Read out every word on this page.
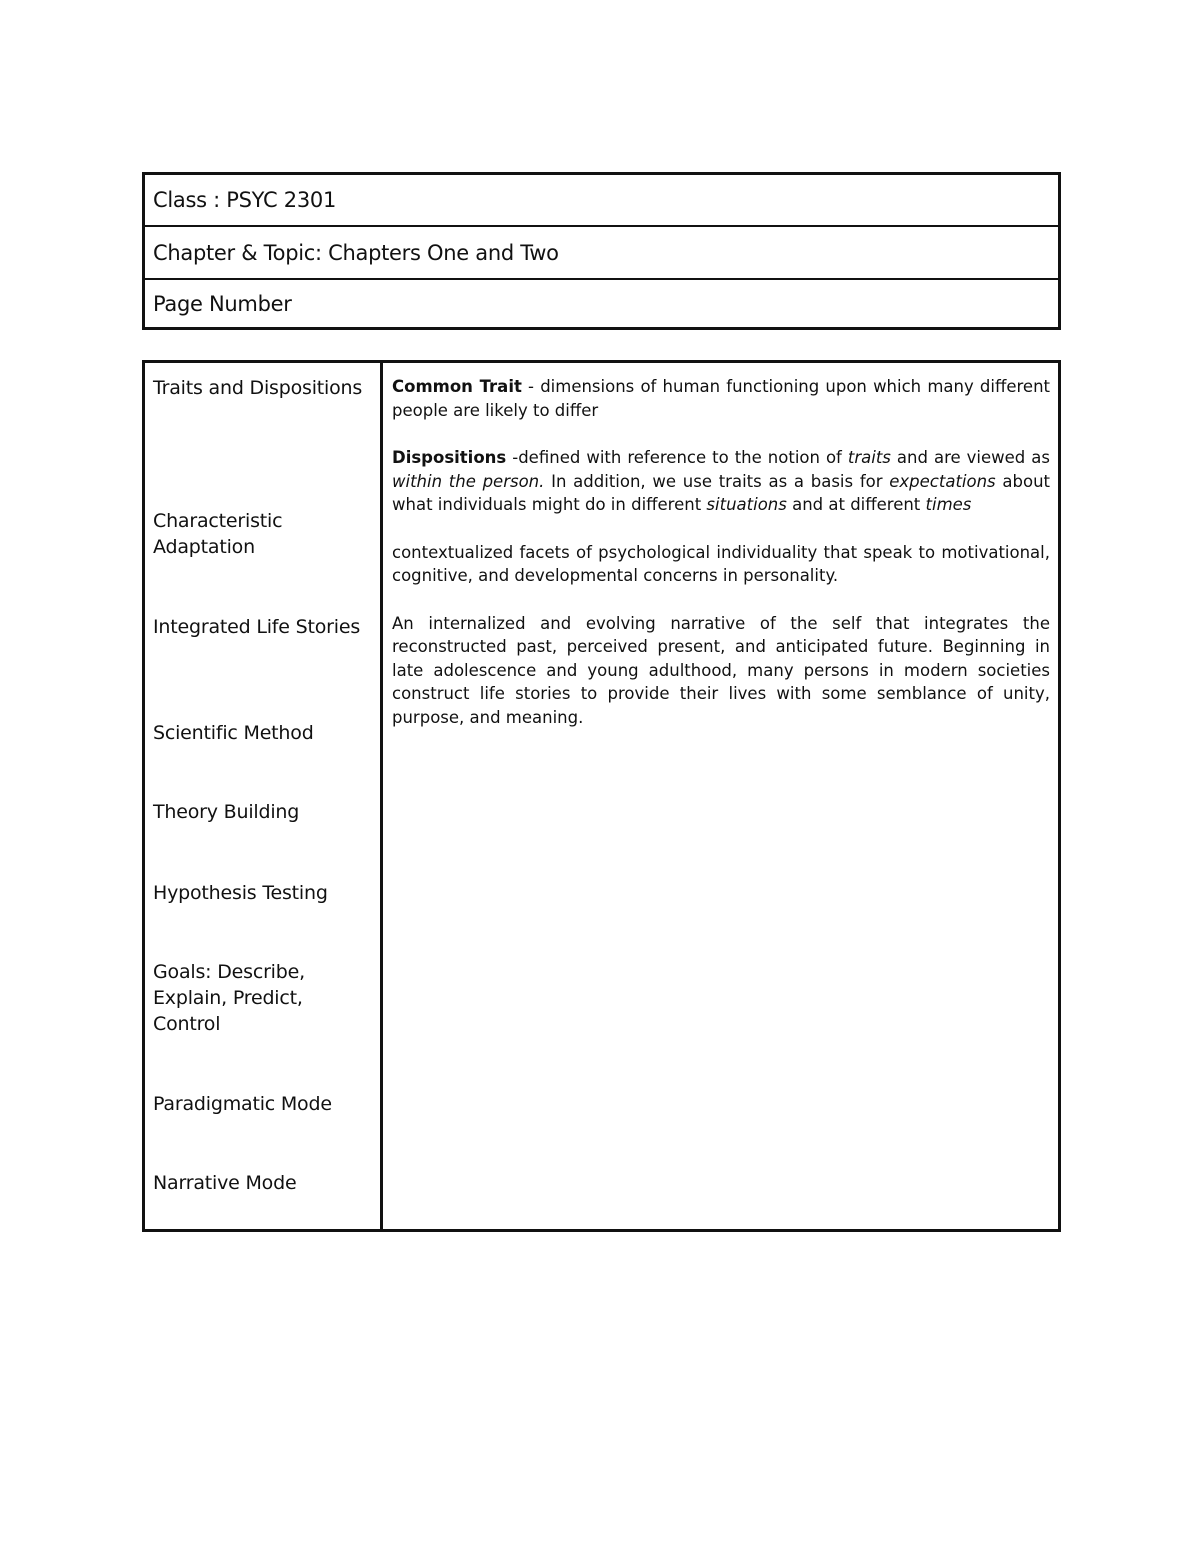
Class : PSYC 2301
Chapter & Topic: Chapters One and Two
Page Number
Traits and Dispositions
Characteristic Adaptation
Integrated Life Stories
Scientific Method
Theory Building
Hypothesis Testing
Goals: Describe, Explain, Predict, Control
Paradigmatic Mode
Narrative Mode

Common Trait - dimensions of human functioning upon which many different people are likely to differ

Dispositions -defined with reference to the notion of traits and are viewed as within the person. In addition, we use traits as a basis for expectations about what individuals might do in different situations and at different times

contextualized facets of psychological individuality that speak to motivational, cognitive, and developmental concerns in personality.

An internalized and evolving narrative of the self that integrates the reconstructed past, perceived present, and anticipated future. Beginning in late adolescence and young adulthood, many persons in modern societies construct life stories to provide their lives with some semblance of unity, purpose, and meaning.
